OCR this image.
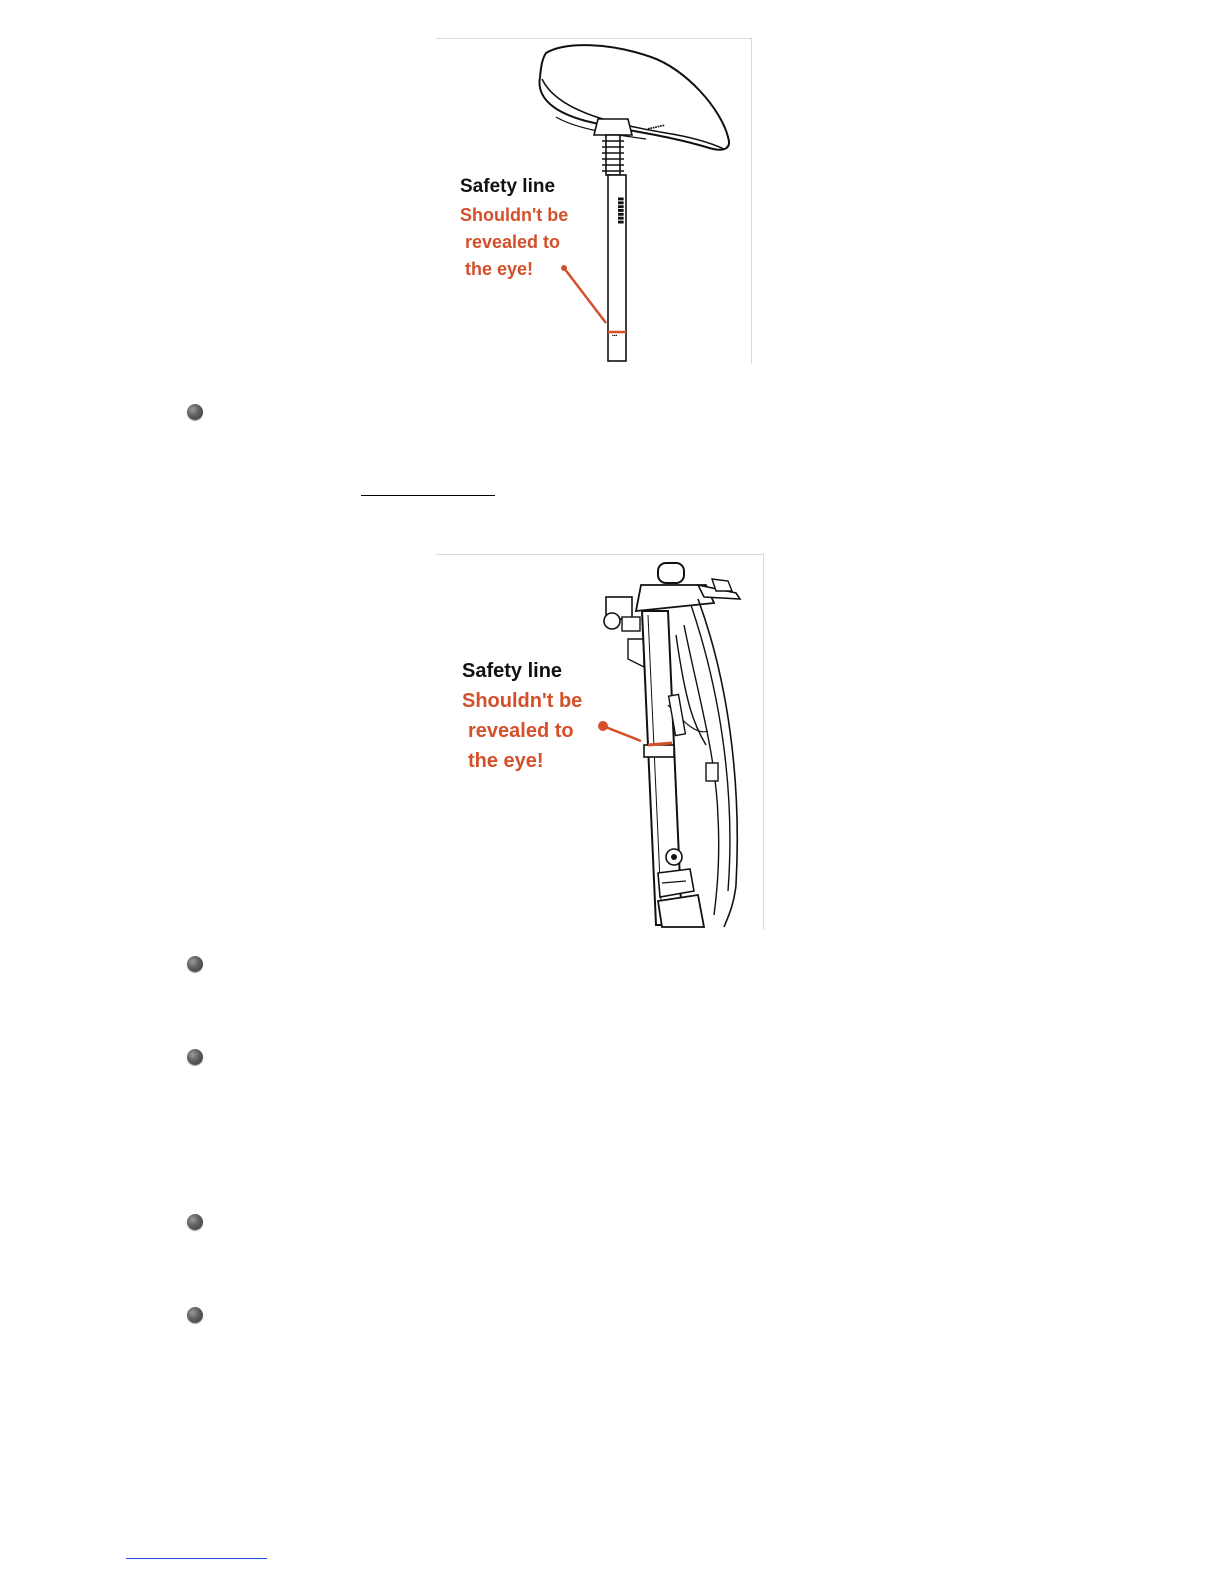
▪▪▪▪▪▪▪
▮▮▮▮▮▮▮
▪▪▪
Safety line
Shouldn't be
revealed to
the eye!
Safety line
Shouldn't be
revealed to
the eye!
